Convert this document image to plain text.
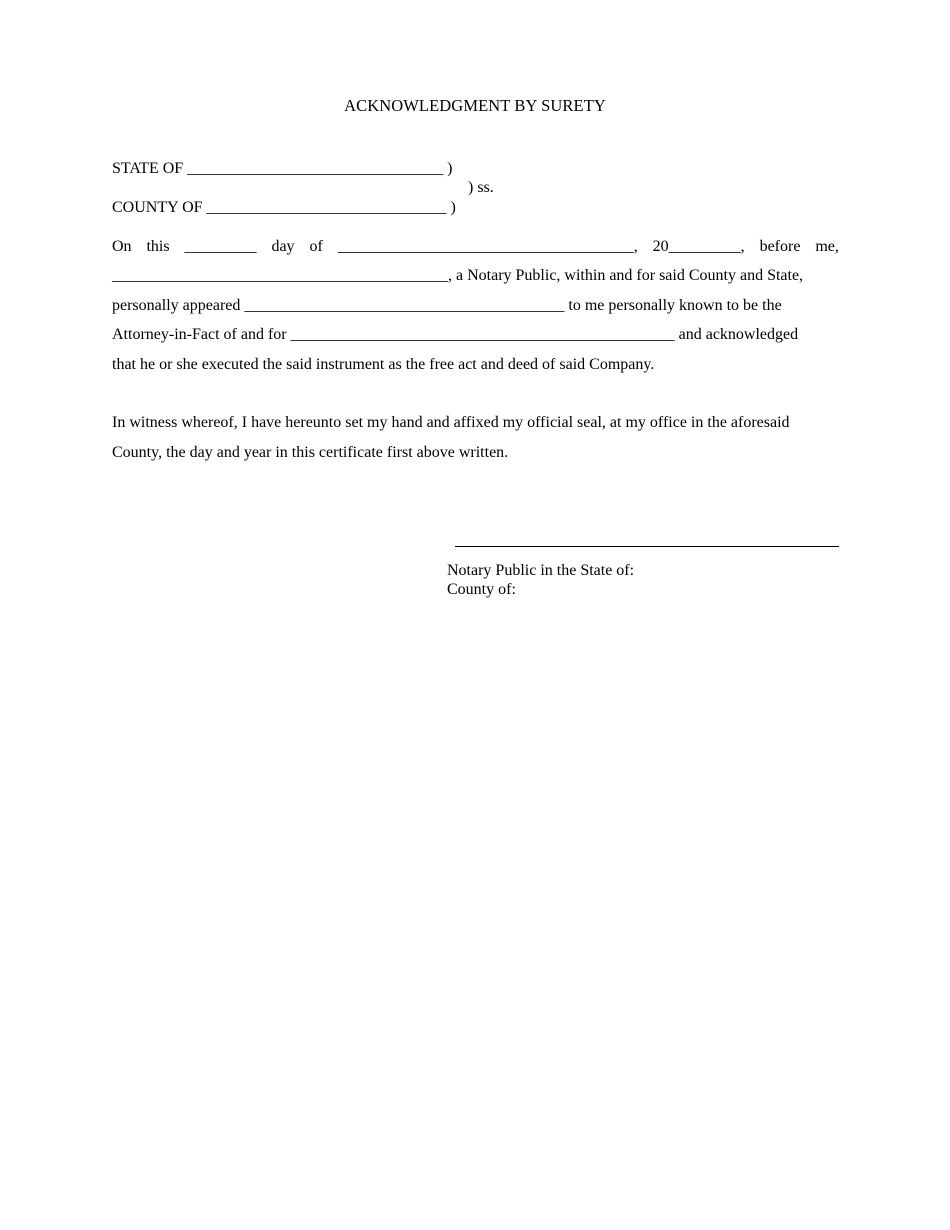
ACKNOWLEDGMENT BY SURETY
STATE OF ________________________________ )
) ss.
COUNTY OF ______________________________ )
On this _________ day of _____________________________________, 20_________, before me,
__________________________________________, a Notary Public, within and for said County and State,
personally appeared ________________________________________ to me personally known to be the
Attorney-in-Fact of and for ________________________________________________ and acknowledged
that he or she executed the said instrument as the free act and deed of said Company.
In witness whereof, I have hereunto set my hand and affixed my official seal, at my office in the aforesaid County, the day and year in this certificate first above written.
Notary Public in the State of:
County of:
